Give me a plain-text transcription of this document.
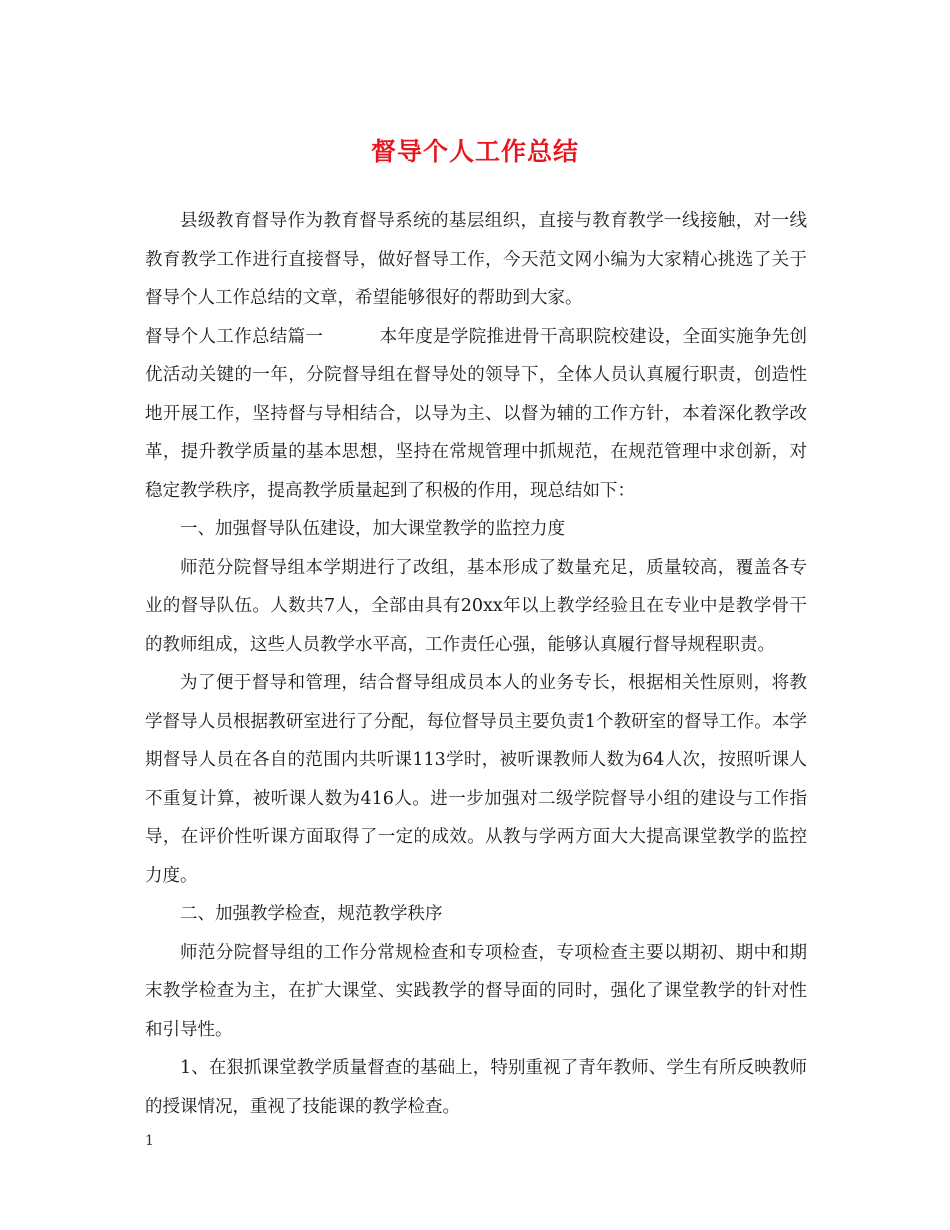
督导个人工作总结

县级教育督导作为教育督导系统的基层组织，直接与教育教学一线接触，对一线教育教学工作进行直接督导，做好督导工作，今天范文网小编为大家精心挑选了关于督导个人工作总结的文章，希望能够很好的帮助到大家。

督导个人工作总结篇一	本年度是学院推进骨干高职院校建设，全面实施争先创优活动关键的一年，分院督导组在督导处的领导下，全体人员认真履行职责，创造性地开展工作，坚持督与导相结合，以导为主、以督为辅的工作方针，本着深化教学改革，提升教学质量的基本思想，坚持在常规管理中抓规范，在规范管理中求创新，对稳定教学秩序，提高教学质量起到了积极的作用，现总结如下：

一、加强督导队伍建设，加大课堂教学的监控力度

师范分院督导组本学期进行了改组，基本形成了数量充足，质量较高，覆盖各专业的督导队伍。人数共7人，全部由具有20xx年以上教学经验且在专业中是教学骨干的教师组成，这些人员教学水平高，工作责任心强，能够认真履行督导规程职责。

为了便于督导和管理，结合督导组成员本人的业务专长，根据相关性原则，将教学督导人员根据教研室进行了分配，每位督导员主要负责1个教研室的督导工作。本学期督导人员在各自的范围内共听课113学时，被听课教师人数为64人次，按照听课人不重复计算，被听课人数为416人。进一步加强对二级学院督导小组的建设与工作指导，在评价性听课方面取得了一定的成效。从教与学两方面大大提高课堂教学的监控力度。

二、加强教学检查，规范教学秩序

师范分院督导组的工作分常规检查和专项检查，专项检查主要以期初、期中和期末教学检查为主，在扩大课堂、实践教学的督导面的同时，强化了课堂教学的针对性和引导性。

1、在狠抓课堂教学质量督查的基础上，特别重视了青年教师、学生有所反映教师的授课情况，重视了技能课的教学检查。

1
